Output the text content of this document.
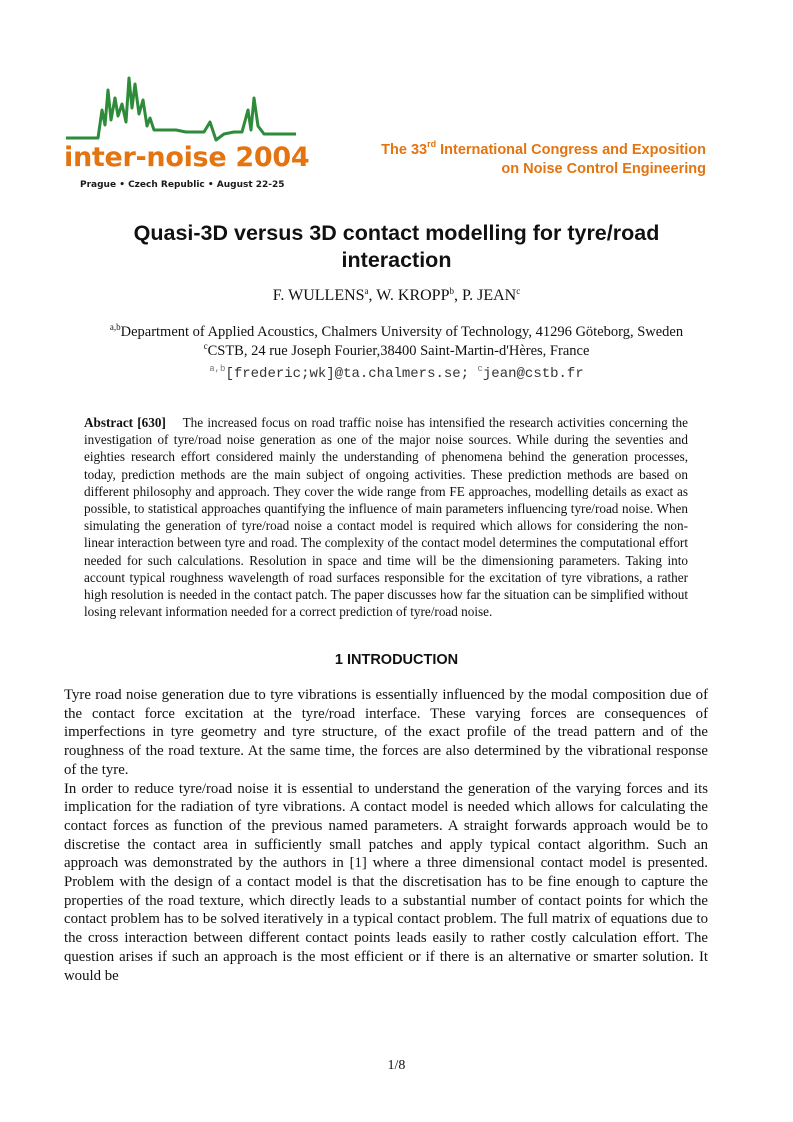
inter-noise 2004
Prague • Czech Republic • August 22-25
The 33rd International Congress and Exposition
on Noise Control Engineering
Quasi-3D versus 3D contact modelling for tyre/road interaction
F. WULLENS$^a$, W. KROPP$^b$, P. JEAN$^c$
$^{a,b}$Department of Applied Acoustics, Chalmers University of Technology, 41296 Göteborg, Sweden
$^c$CSTB, 24 rue Joseph Fourier,38400 Saint-Martin-d'Hères, France
$^{a,b}$[frederic;wk]@ta.chalmers.se; $^c$jean@cstb.fr
Abstract [630] The increased focus on road traffic noise has intensified the research activities concerning the investigation of tyre/road noise generation as one of the major noise sources. While during the seventies and eighties research effort considered mainly the understanding of phenomena behind the generation processes, today, prediction methods are the main subject of ongoing activities. These prediction methods are based on different philosophy and approach. They cover the wide range from FE approaches, modelling details as exact as possible, to statistical approaches quantifying the influence of main parameters influencing tyre/road noise. When simulating the generation of tyre/road noise a contact model is required which allows for considering the non-linear interaction between tyre and road. The complexity of the contact model determines the computational effort needed for such calculations. Resolution in space and time will be the dimensioning parameters. Taking into account typical roughness wavelength of road surfaces responsible for the excitation of tyre vibrations, a rather high resolution is needed in the contact patch. The paper discusses how far the situation can be simplified without losing relevant information needed for a correct prediction of tyre/road noise.
1 INTRODUCTION

Tyre road noise generation due to tyre vibrations is essentially influenced by the modal composition due of the contact force excitation at the tyre/road interface. These varying forces are consequences of imperfections in tyre geometry and tyre structure, of the exact profile of the tread pattern and of the roughness of the road texture. At the same time, the forces are also determined by the vibrational response of the tyre.

In order to reduce tyre/road noise it is essential to understand the generation of the varying forces and its implication for the radiation of tyre vibrations. A contact model is needed which allows for calculating the contact forces as function of the previous named parameters. A straight forwards approach would be to discretise the contact area in sufficiently small patches and apply typical contact algorithm. Such an approach was demonstrated by the authors in [1] where a three dimensional contact model is presented. Problem with the design of a contact model is that the discretisation has to be fine enough to capture the properties of the road texture, which directly leads to a substantial number of contact points for which the contact problem has to be solved iteratively in a typical contact problem. The full matrix of equations due to the cross interaction between different contact points leads easily to rather costly calculation effort. The question arises if such an approach is the most efficient or if there is an alternative or smarter solution. It would be

1/8
